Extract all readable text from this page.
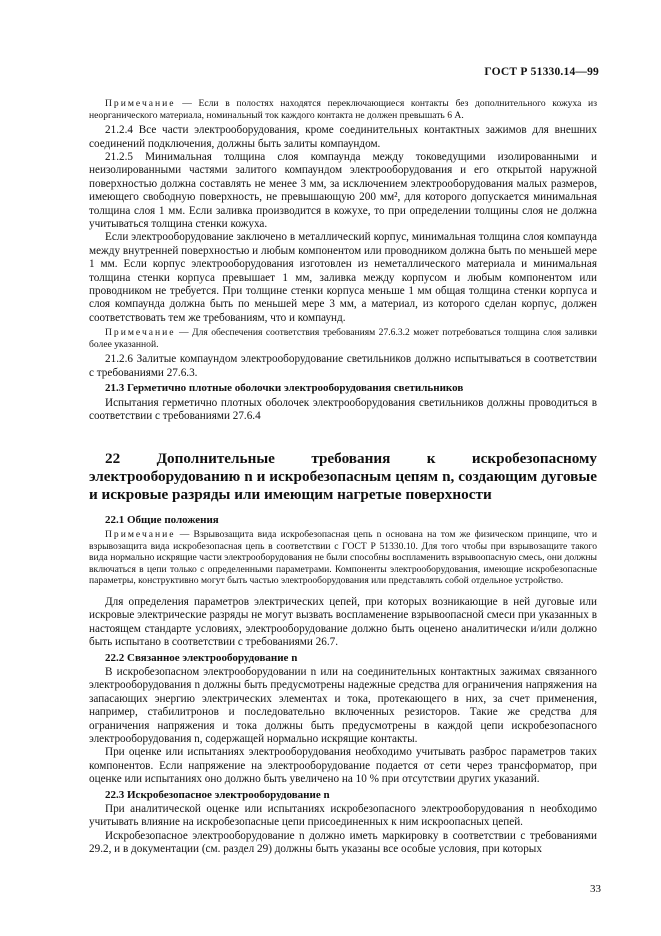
ГОСТ Р 51330.14—99

Примечание — Если в полостях находятся переключающиеся контакты без дополнительного кожуха из неорганического материала, номинальный ток каждого контакта не должен превышать 6 А.

21.2.4 Все части электрооборудования, кроме соединительных контактных зажимов для внешних соединений подключения, должны быть залиты компаундом.

21.2.5 Минимальная толщина слоя компаунда между токоведущими изолированными и неизолированными частями залитого компаундом электрооборудования и его открытой наружной поверхностью должна составлять не менее 3 мм, за исключением электрооборудования малых размеров, имеющего свободную поверхность, не превышающую 200 мм², для которого допускается минимальная толщина слоя 1 мм. Если заливка производится в кожухе, то при определении толщины слоя не должна учитываться толщина стенки кожуха.

Если электрооборудование заключено в металлический корпус, минимальная толщина слоя компаунда между внутренней поверхностью и любым компонентом или проводником должна быть по меньшей мере 1 мм. Если корпус электрооборудования изготовлен из неметаллического материала и минимальная толщина стенки корпуса превышает 1 мм, заливка между корпусом и любым компонентом или проводником не требуется. При толщине стенки корпуса меньше 1 мм общая толщина стенки корпуса и слоя компаунда должна быть по меньшей мере 3 мм, а материал, из которого сделан корпус, должен соответствовать тем же требованиям, что и компаунд.

Примечание — Для обеспечения соответствия требованиям 27.6.3.2 может потребоваться толщина слоя заливки более указанной.

21.2.6 Залитые компаундом электрооборудование светильников должно испытываться в соответствии с требованиями 27.6.3.

21.3 Герметично плотные оболочки электрооборудования светильников

Испытания герметично плотных оболочек электрооборудования светильников должны проводиться в соответствии с требованиями 27.6.4

22 Дополнительные требования к искробезопасному электрооборудованию n и искробезопасным цепям n, создающим дуговые и искровые разряды или имеющим нагретые поверхности

22.1 Общие положения

Примечание — Взрывозащита вида искробезопасная цепь n основана на том же физическом принципе, что и взрывозащита вида искробезопасная цепь в соответствии с ГОСТ Р 51330.10. Для того чтобы при взрывозащите такого вида нормально искрящие части электрооборудования не были способны воспламенить взрывоопасную смесь, они должны включаться в цепи только с определенными параметрами. Компоненты электрооборудования, имеющие искробезопасные параметры, конструктивно могут быть частью электрооборудования или представлять собой отдельное устройство.

Для определения параметров электрических цепей, при которых возникающие в ней дуговые или искровые электрические разряды не могут вызвать воспламенение взрывоопасной смеси при указанных в настоящем стандарте условиях, электрооборудование должно быть оценено аналитически и/или должно быть испытано в соответствии с требованиями 26.7.

22.2 Связанное электрооборудование n

В искробезопасном электрооборудовании n или на соединительных контактных зажимах связанного электрооборудования n должны быть предусмотрены надежные средства для ограничения напряжения на запасающих энергию электрических элементах и тока, протекающего в них, за счет применения, например, стабилитронов и последовательно включенных резисторов. Такие же средства для ограничения напряжения и тока должны быть предусмотрены в каждой цепи искробезопасного электрооборудования n, содержащей нормально искрящие контакты.

При оценке или испытаниях электрооборудования необходимо учитывать разброс параметров таких компонентов. Если напряжение на электрооборудование подается от сети через трансформатор, при оценке или испытаниях оно должно быть увеличено на 10 % при отсутствии других указаний.

22.3 Искробезопасное электрооборудование n

При аналитической оценке или испытаниях искробезопасного электрооборудования n необходимо учитывать влияние на искробезопасные цепи присоединенных к ним искроопасных цепей.

Искробезопасное электрооборудование n должно иметь маркировку в соответствии с требованиями 29.2, и в документации (см. раздел 29) должны быть указаны все особые условия, при которых

33
